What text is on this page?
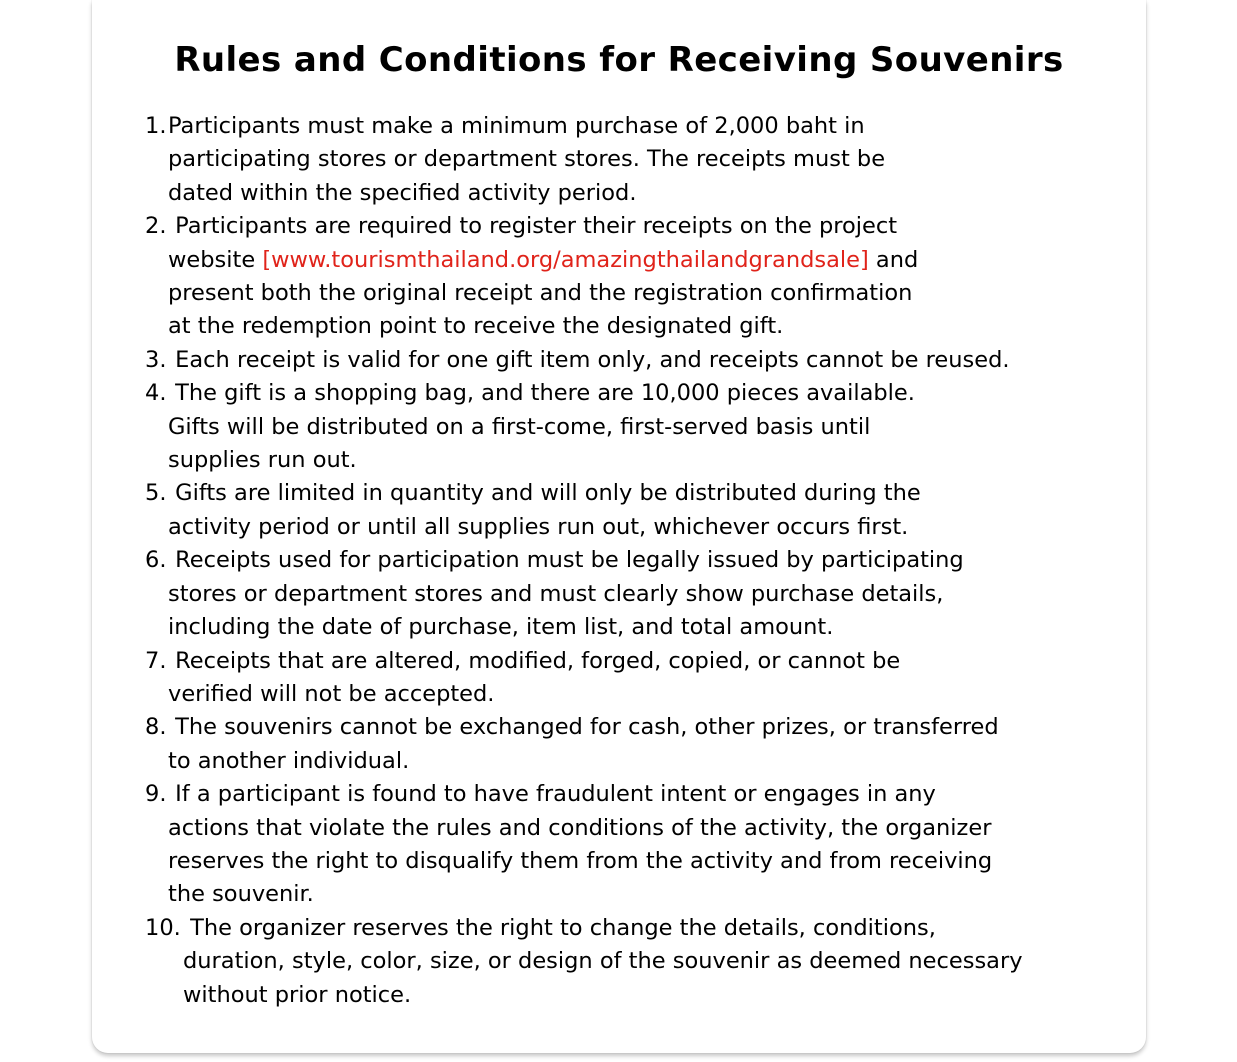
Rules and Conditions for Receiving Souvenirs
1. Participants must make a minimum purchase of 2,000 baht in
participating stores or department stores. The receipts must be
dated within the specified activity period.
2. Participants are required to register their receipts on the project
website [www.tourismthailand.org/amazingthailandgrandsale] and
present both the original receipt and the registration confirmation
at the redemption point to receive the designated gift.
3. Each receipt is valid for one gift item only, and receipts cannot be reused.
4. The gift is a shopping bag, and there are 10,000 pieces available.
Gifts will be distributed on a first-come, first-served basis until
supplies run out.
5. Gifts are limited in quantity and will only be distributed during the
activity period or until all supplies run out, whichever occurs first.
6. Receipts used for participation must be legally issued by participating
stores or department stores and must clearly show purchase details,
including the date of purchase, item list, and total amount.
7. Receipts that are altered, modified, forged, copied, or cannot be
verified will not be accepted.
8. The souvenirs cannot be exchanged for cash, other prizes, or transferred
to another individual.
9. If a participant is found to have fraudulent intent or engages in any
actions that violate the rules and conditions of the activity, the organizer
reserves the right to disqualify them from the activity and from receiving
the souvenir.
10. The organizer reserves the right to change the details, conditions,
duration, style, color, size, or design of the souvenir as deemed necessary
without prior notice.
